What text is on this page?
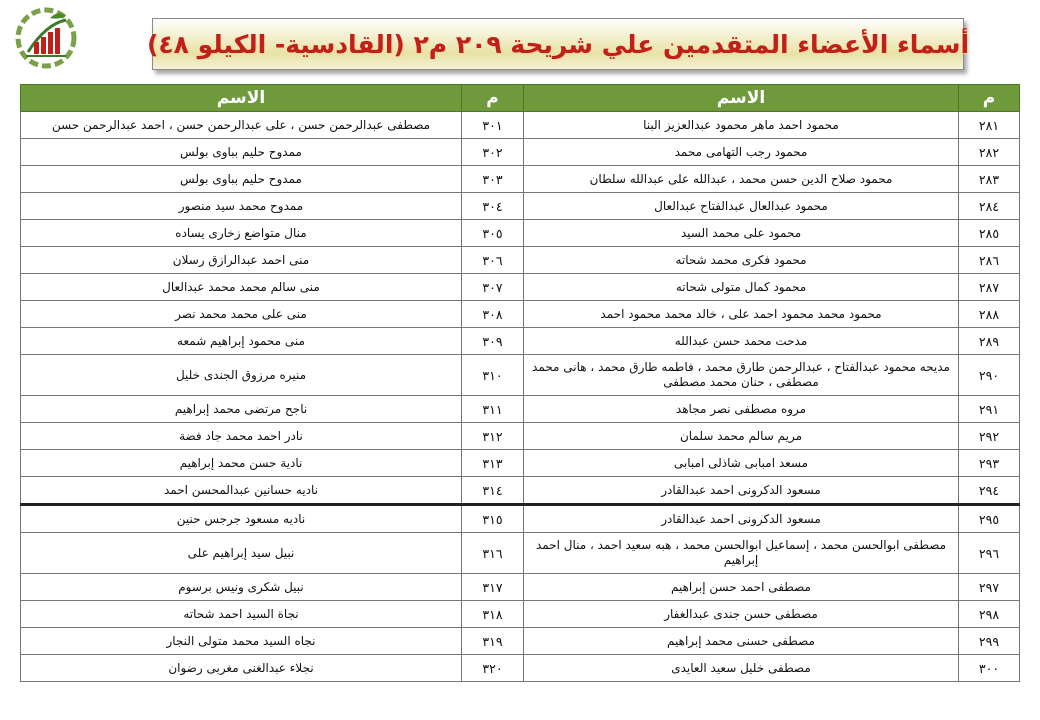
أسماء الأعضاء المتقدمين علي شريحة ٢٠٩ م٢ (القادسية- الكيلو ٤٨)
م	الاسم	م	الاسم
٢٨١	محمود احمد ماهر محمود عبدالعزيز البنا	٣٠١	مصطفى عبدالرحمن حسن ، على عبدالرحمن حسن ، احمد عبدالرحمن حسن
٢٨٢	محمود رجب التهامى محمد	٣٠٢	ممدوح حليم بباوى بولس
٢٨٣	محمود صلاح الدين حسن محمد ، عبدالله على عبدالله سلطان	٣٠٣	ممدوح حليم بباوى بولس
٢٨٤	محمود عبدالعال عبدالفتاح عبدالعال	٣٠٤	ممدوح محمد سيد منصور
٢٨٥	محمود على محمد السيد	٣٠٥	منال متواضع زخارى يساده
٢٨٦	محمود فكرى محمد شحاته	٣٠٦	منى احمد عبدالرازق رسلان
٢٨٧	محمود كمال متولى شحاته	٣٠٧	منى سالم محمد محمد عبدالعال
٢٨٨	محمود محمد محمود احمد على ، خالد محمد محمود احمد	٣٠٨	منى على محمد محمد نصر
٢٨٩	مدحت محمد حسن عبدالله	٣٠٩	منى محمود إبراهيم شمعه
٢٩٠	مديحه محمود عبدالفتاح ، عبدالرحمن طارق محمد ، فاطمه طارق محمد ، هانى محمد مصطفى ، حنان محمد مصطفى	٣١٠	منيره مرزوق الجندى خليل
٢٩١	مروه مصطفى نصر مجاهد	٣١١	ناجح مرتضى محمد إبراهيم
٢٩٢	مريم سالم محمد سلمان	٣١٢	نادر احمد محمد جاد فضة
٢٩٣	مسعد امبابى شاذلى امبابى	٣١٣	نادية حسن محمد إبراهيم
٢٩٤	مسعود الدكرونى احمد عبدالقادر	٣١٤	ناديه حسانين عبدالمحسن احمد
٢٩٥	مسعود الدكرونى احمد عبدالقادر	٣١٥	ناديه مسعود جرجس حنين
٢٩٦	مصطفى ابوالحسن محمد ، إسماعيل ابوالحسن محمد ، هبه سعيد احمد ، منال احمد إبراهيم	٣١٦	نبيل سيد إبراهيم على
٢٩٧	مصطفى احمد حسن إبراهيم	٣١٧	نبيل شكرى ونيس برسوم
٢٩٨	مصطفى حسن جندى عبدالغفار	٣١٨	نجاة السيد احمد شحاته
٢٩٩	مصطفى حسنى محمد إبراهيم	٣١٩	نجاه السيد محمد متولى النجار
٣٠٠	مصطفى خليل سعيد العايدى	٣٢٠	نجلاء عبدالغنى مغربى رضوان
